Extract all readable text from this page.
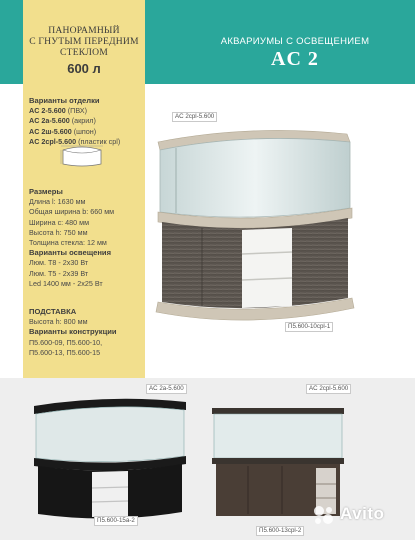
АКВАРИУМЫ С ОСВЕЩЕНИЕМ
AC 2
ПАНОРАМНЫЙ
С ГНУТЫМ ПЕРЕДНИМ
СТЕКЛОМ
600 л
Варианты отделки
AC 2-5.600 (ПВХ)
AC 2а-5.600 (акрил)
AC 2ш-5.600 (шпон)
AC 2cpl-5.600 (пластик cpl)
Размеры
Длина l: 1630 мм
Общая ширина b: 660 мм
Ширина c: 480 мм
Высота h: 750 мм
Толщина стекла: 12 мм
Варианты освещения
Люм. Т8 - 2x30 Вт
Люм. Т5 - 2x39 Вт
Led 1400 мм - 2x25 Вт
ПОДСТАВКА
Высота h: 800 мм
Варианты конструкции
П5.600-09, П5.600-10,
П5.600-13, П5.600-15
AC 2cpl-5.600
П5.600-10cpl-1
AC 2а-5.600
П5.600-15а-2
AC 2cpl-5.600
П5.600-13cpl-2
Avito
